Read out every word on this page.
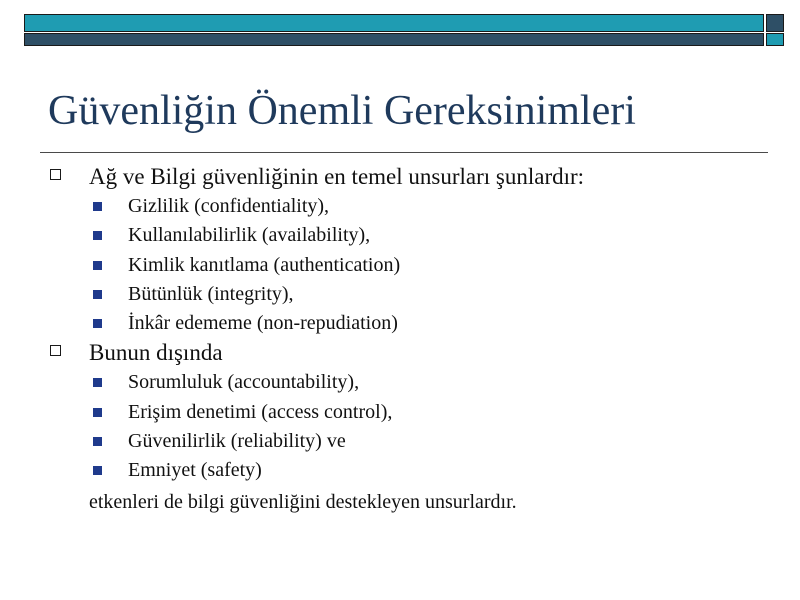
Güvenliğin Önemli Gereksinimleri
Ağ ve Bilgi güvenliğinin en temel unsurları şunlardır:
Gizlilik (confidentiality),
Kullanılabilirlik (availability),
Kimlik kanıtlama (authentication)
Bütünlük (integrity),
İnkâr edememe (non-repudiation)
Bunun dışında
Sorumluluk (accountability),
Erişim denetimi (access control),
Güvenilirlik (reliability) ve
Emniyet (safety)
etkenleri de bilgi güvenliğini destekleyen unsurlardır.
